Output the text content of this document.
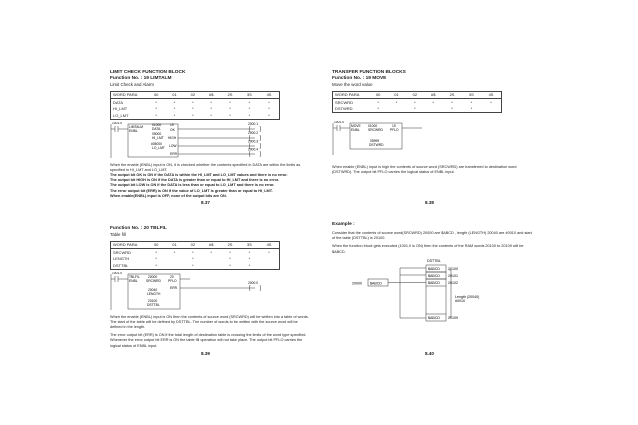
LIMIT CHECK FUNCTION BLOCK
Function No. : 19 LIMTALM
Limit Check and Alarm
WORD PARA	00	01	02	#$	2S	3S	4S
DATA	*	*	*	*	*	*	*
HI_LMT	*	*	*	*	*	*	*
LO_LMT	*	*	*	*	*	*	*
1001.0
LIMTALM
ENBL
01000
DATA
19
05000
HI_LMT
#05000
LO_LMT
OK
HIGH
LOW
ERR
2000.1
2000.2
2000.3
2000.4
When the enable (ENBL) input is ON, it is checked whether the contents specified in DATA are within the limits as specified in HI_LMT and LO_LMT.
The output bit OK is ON if the DATA is within the HI_LMT and LO_LMT values and there is no error.
The output bit HIGH is ON if the DATA is greater than or equal to HI_LMT and there is no error.
The output bit LOW is ON if the DATA is less than or equal to LO_LMT and there is no error.
The error output bit (ERR) is ON if the value of LO_LMT is greater than or equal to HI_LMT.
When enable(ENBL) input is OFF, none of the output bits are ON.
8.37
TRANSFER FUNCTION BLOCKS
Function No. : 19 MOVE
Move the word value
WORD PARA	00	01	02	#$	2S	3S	4S
SRCWRD	*	*	*	*	*	*	*
DSTWRD	*		*		*	*	
1001.0
MOVE
ENBL
01000
SRCWRD
19
PFLO
05999
DSTWRD
When enable (ENBL) input is high the contents of source word (SRCWRD) are transferred to destination word (DSTWRD). The output bit PFLO carries the logical status of ENBL input.
8.38
Function No. : 20 TBLFIL
Table fill
WORD PARA	00	01	02	#$	2S	3S	4S
SRCWRD	*	*	*	*	*	*	*
LENGTH	*		*		*	*	
DSTTBL	*		*		*	*	
1001.0
TBLFIL
ENBL
20000
SRCWRD
20
PFLO
ERR
2000.0
20040
LENGTH
20100
DSTTBL
When the enable (ENBL) input is ON then the contents of source word (SRCWRD) will be written into a table of words. The start of the table will be defined by DSTTBL. The number of words to be written with the source word will be defined in the length.
The error output bit (ERR) is ON if the total length of destination table is crossing the limits of the word type specified. Whenever the error output bit ERR is ON the table fill operation will not take place. The output bit PFLO carries the logical status of ENBL input.
8.39
Example :
Consider that the contents of source word(SRCWRD) 20000 are $ABCD , length (LENGTH) 20040 are #0010 and start of the table (DSTTBL) is 20100.
When the function block gets executed (1001.0 is ON) then the contents of the RAM words 20100 to 20109 will be $ABCD.
20000 $ABCD
DSTTBL
$ABCD
$ABCD
$ABCD
20100
20101
20102
Length (20040)
#0010
$ABCD 20109
8.40
